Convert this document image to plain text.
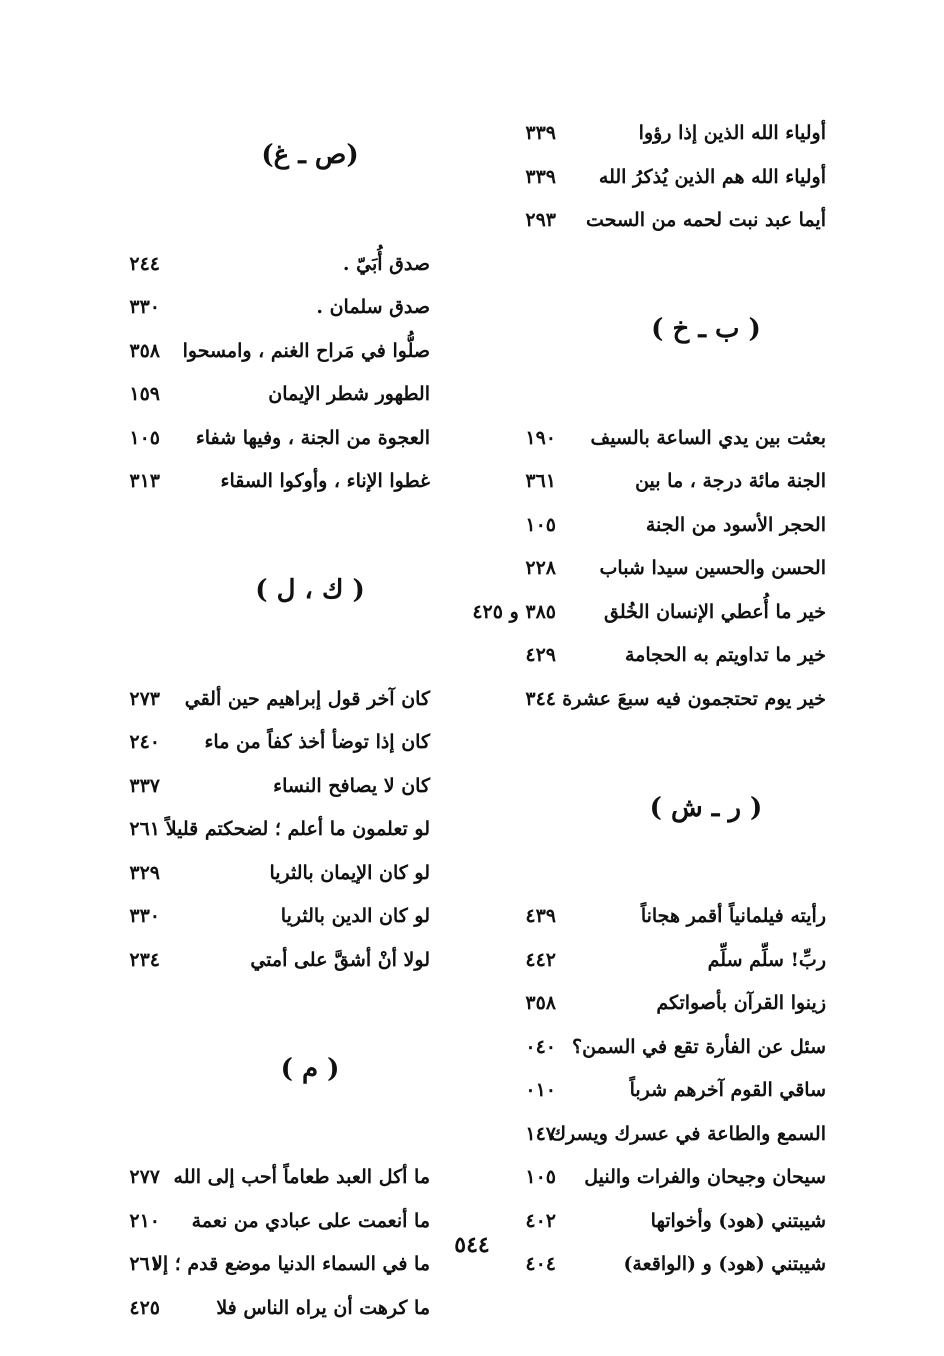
أولياء الله الذين إذا رؤوا
٣٣٩
أولياء الله هم الذين يُذكرُ الله
٣٣٩
أيما عبد نبت لحمه من السحت
٢٩٣
( ب ـ خ )
بعثت بين يدي الساعة بالسيف
١٩٠
الجنة مائة درجة ، ما بين
٣٦١
الحجر الأسود من الجنة
١٠٥
الحسن والحسين سيدا شباب
٢٢٨
خير ما أُعطي الإنسان الخُلق
٣٨٥ و ٤٢٥
خير ما تداويتم به الحجامة
٤٢٩
خير يوم تحتجمون فيه سبعَ عشرة
٣٤٤
( ر ـ ش )
رأيته فيلمانياً أقمر هجاناً
٤٣٩
ربِّ! سلِّم سلِّم
٤٤٢
زينوا القرآن بأصواتكم
٣٥٨
سئل عن الفأرة تقع في السمن؟
٠٤٠
ساقي القوم آخرهم شرباً
٠١٠
السمع والطاعة في عسرك ويسرك
١٤٧
سيحان وجيحان والفرات والنيل
١٠٥
شيبتني (هود) وأخواتها
٤٠٢
شيبتني (هود) و (الواقعة)
٤٠٤
(ص ـ غ)
صدق أُبَيّ .
٢٤٤
صدق سلمان .
٣٣٠
صلُّوا في مَراح الغنم ، وامسحوا
٣٥٨
الطهور شطر الإيمان
١٥٩
العجوة من الجنة ، وفيها شفاء
١٠٥
غطوا الإناء ، وأوكوا السقاء
٣١٣
( ك ، ل )
كان آخر قول إبراهيم حين ألقي
٢٧٣
كان إذا توضأ أخذ كفاً من ماء
٢٤٠
كان لا يصافح النساء
٣٣٧
لو تعلمون ما أعلم ؛ لضحكتم قليلاً
٢٦١
لو كان الإيمان بالثريا
٣٢٩
لو كان الدين بالثريا
٣٣٠
لولا أنْ أشقَّ على أمتي
٢٣٤
( م )
ما أكل العبد طعاماً أحب إلى الله
٢٧٧
ما أنعمت على عبادي من نعمة
٢١٠
ما في السماء الدنيا موضع قدم ؛ إلا
٢٦١
ما كرهت أن يراه الناس فلا
٤٢٥
٥٤٤
